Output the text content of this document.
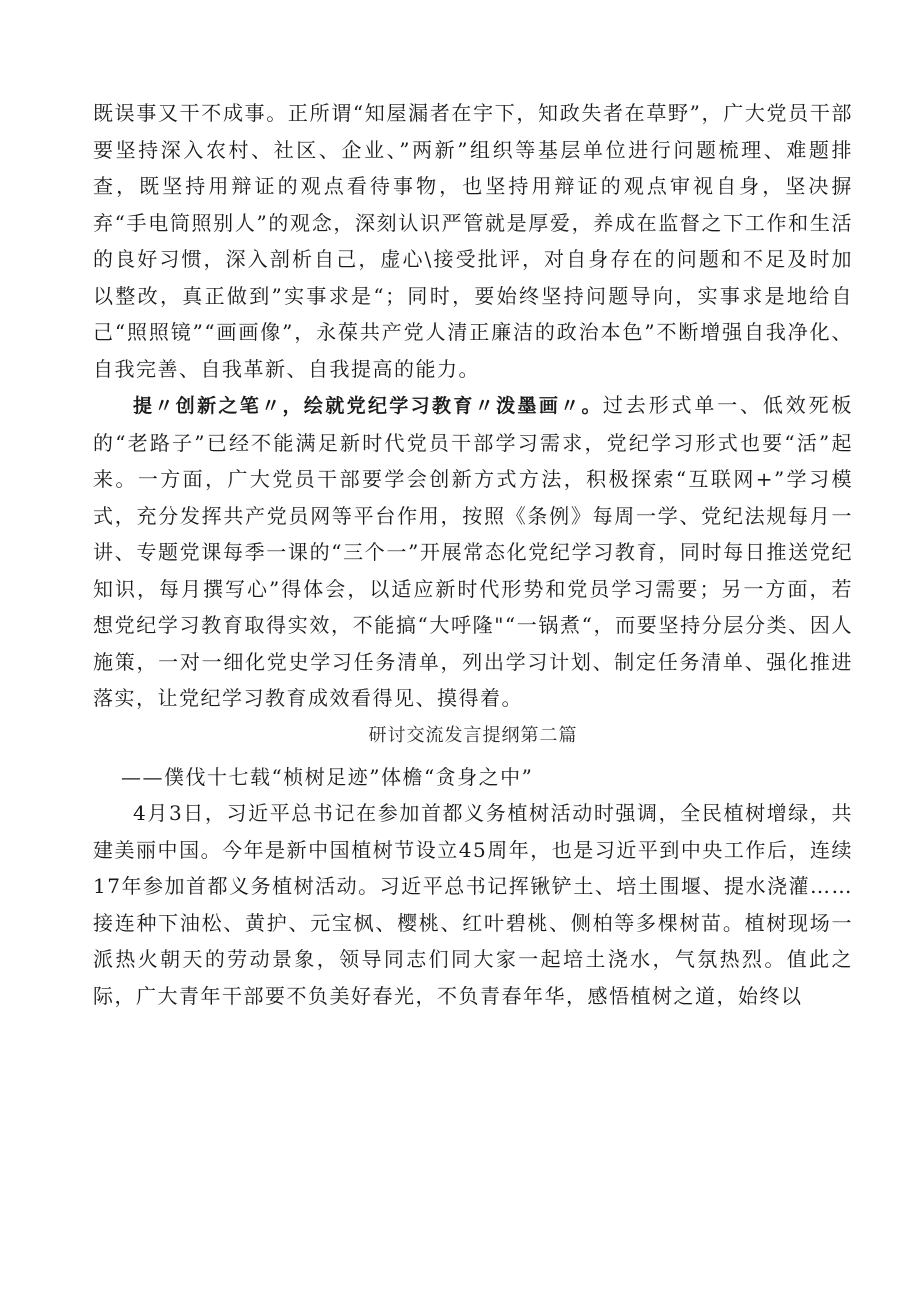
既误事又干不成事。正所谓“知屋漏者在宇下，知政失者在草野”，广大党员干部要坚持深入农村、社区、企业、”两新”组织等基层单位进行问题梳理、难题排查，既坚持用辩证的观点看待事物，也坚持用辩证的观点审视自身，坚决摒弃“手电筒照别人”的观念，深刻认识严管就是厚爱，养成在监督之下工作和生活的良好习惯，深入剖析自己，虚心\接受批评，对自身存在的问题和不足及时加以整改，真正做到”实事求是“；同时，要始终坚持问题导向，实事求是地给自己“照照镜”“画画像”，永葆共产党人清正廉洁的政治本色”不断增强自我净化、自我完善、自我革新、自我提高的能力。

提〃创新之笔〃，绘就党纪学习教育〃泼墨画〃。过去形式单一、低效死板的“老路子”已经不能满足新时代党员干部学习需求，党纪学习形式也要“活”起来。一方面，广大党员干部要学会创新方式方法，积极探索“互联网+”学习模式，充分发挥共产党员网等平台作用，按照《条例》每周一学、党纪法规每月一讲、专题党课每季一课的“三个一”开展常态化党纪学习教育，同时每日推送党纪知识，每月撰写心”得体会，以适应新时代形势和党员学习需要；另一方面，若想党纪学习教育取得实效，不能搞“大呼隆"“一锅煮“，而要坚持分层分类、因人施策，一对一细化党史学习任务清单，列出学习计划、制定任务清单、强化推进落实，让党纪学习教育成效看得见、摸得着。

研讨交流发言提纲第二篇

——僕伐十七载“桢树足迹”体檐“贪身之中”

4月3日，习近平总书记在参加首都义务植树活动时强调，全民植树增绿，共建美丽中国。今年是新中国植树节设立45周年，也是习近平到中央工作后，连续17年参加首都义务植树活动。习近平总书记挥锹铲土、培土围堰、提水浇灌……接连种下油松、黄护、元宝枫、樱桃、红叶碧桃、侧柏等多棵树苗。植树现场一派热火朝天的劳动景象，领导同志们同大家一起培土浇水，气氛热烈。值此之际，广大青年干部要不负美好春光，不负青春年华，感悟植树之道，始终以
